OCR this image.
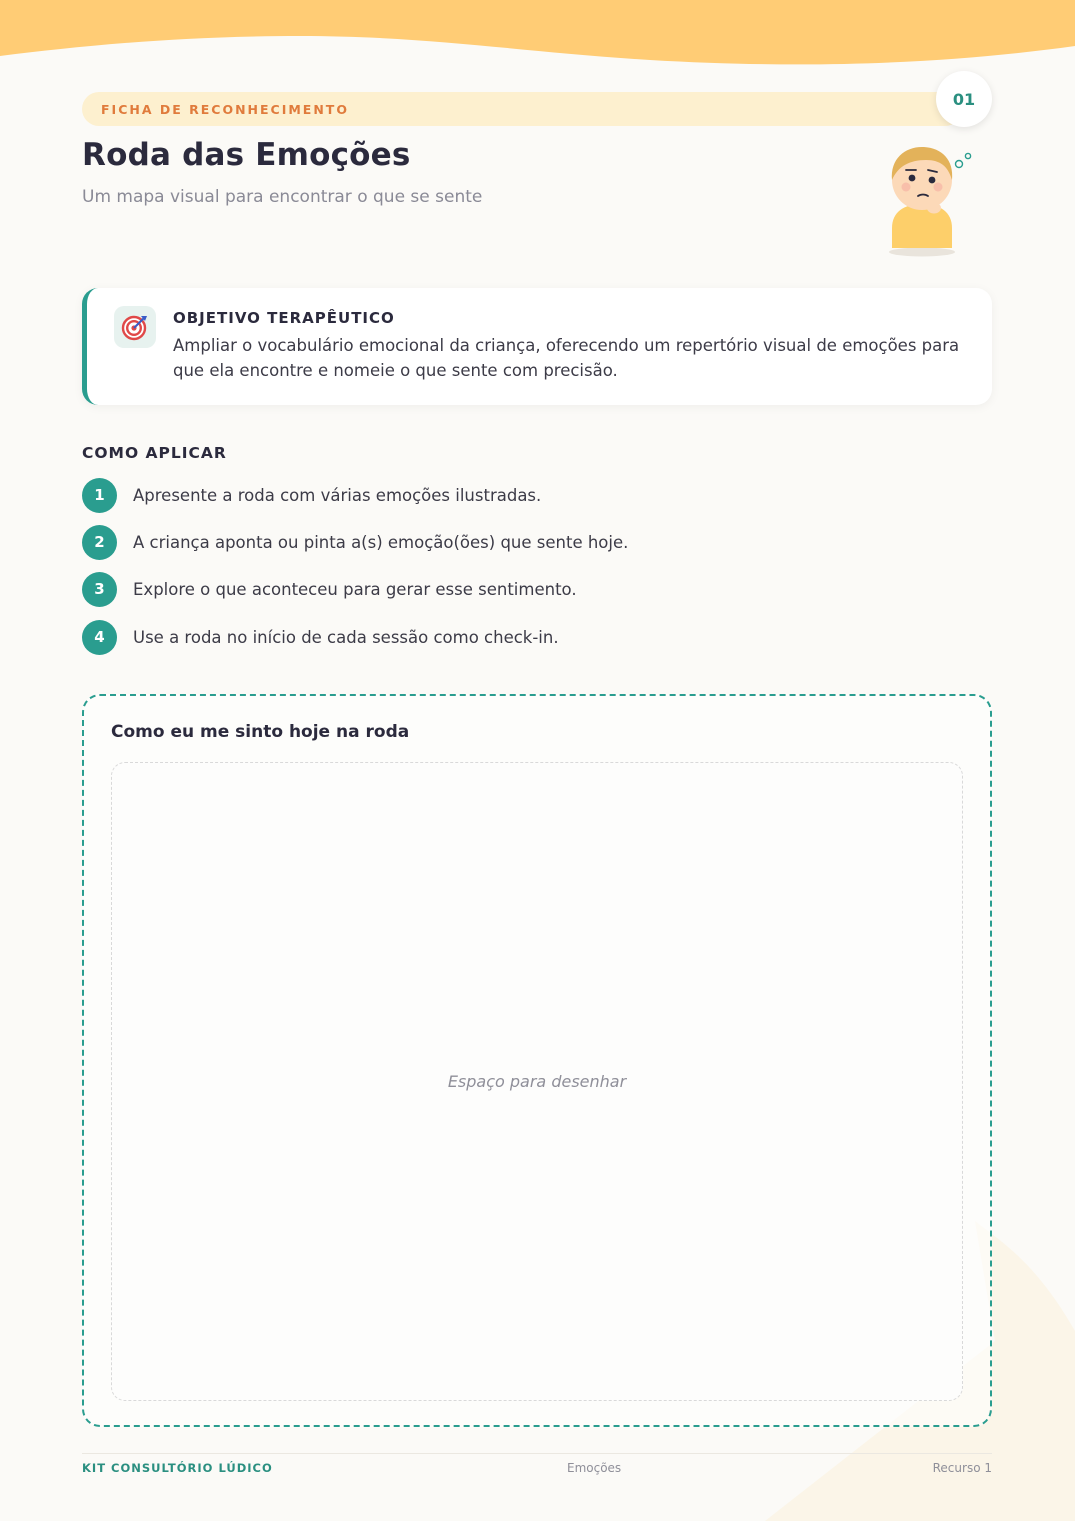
FICHA DE RECONHECIMENTO
01
Roda das Emoções

Um mapa visual para encontrar o que se sente

OBJETIVO TERAPÊUTICO

Ampliar o vocabulário emocional da criança, oferecendo um repertório visual de emoções para que ela encontre e nomeie o que sente com precisão.

COMO APLICAR
1	Apresente a roda com várias emoções ilustradas.
2	A criança aponta ou pinta a(s) emoção(ões) que sente hoje.
3	Explore o que aconteceu para gerar esse sentimento.
4	Use a roda no início de cada sessão como check-in.
Como eu me sinto hoje na roda
Espaço para desenhar
KIT CONSULTÓRIO LÚDICO	Emoções	Recurso 1
